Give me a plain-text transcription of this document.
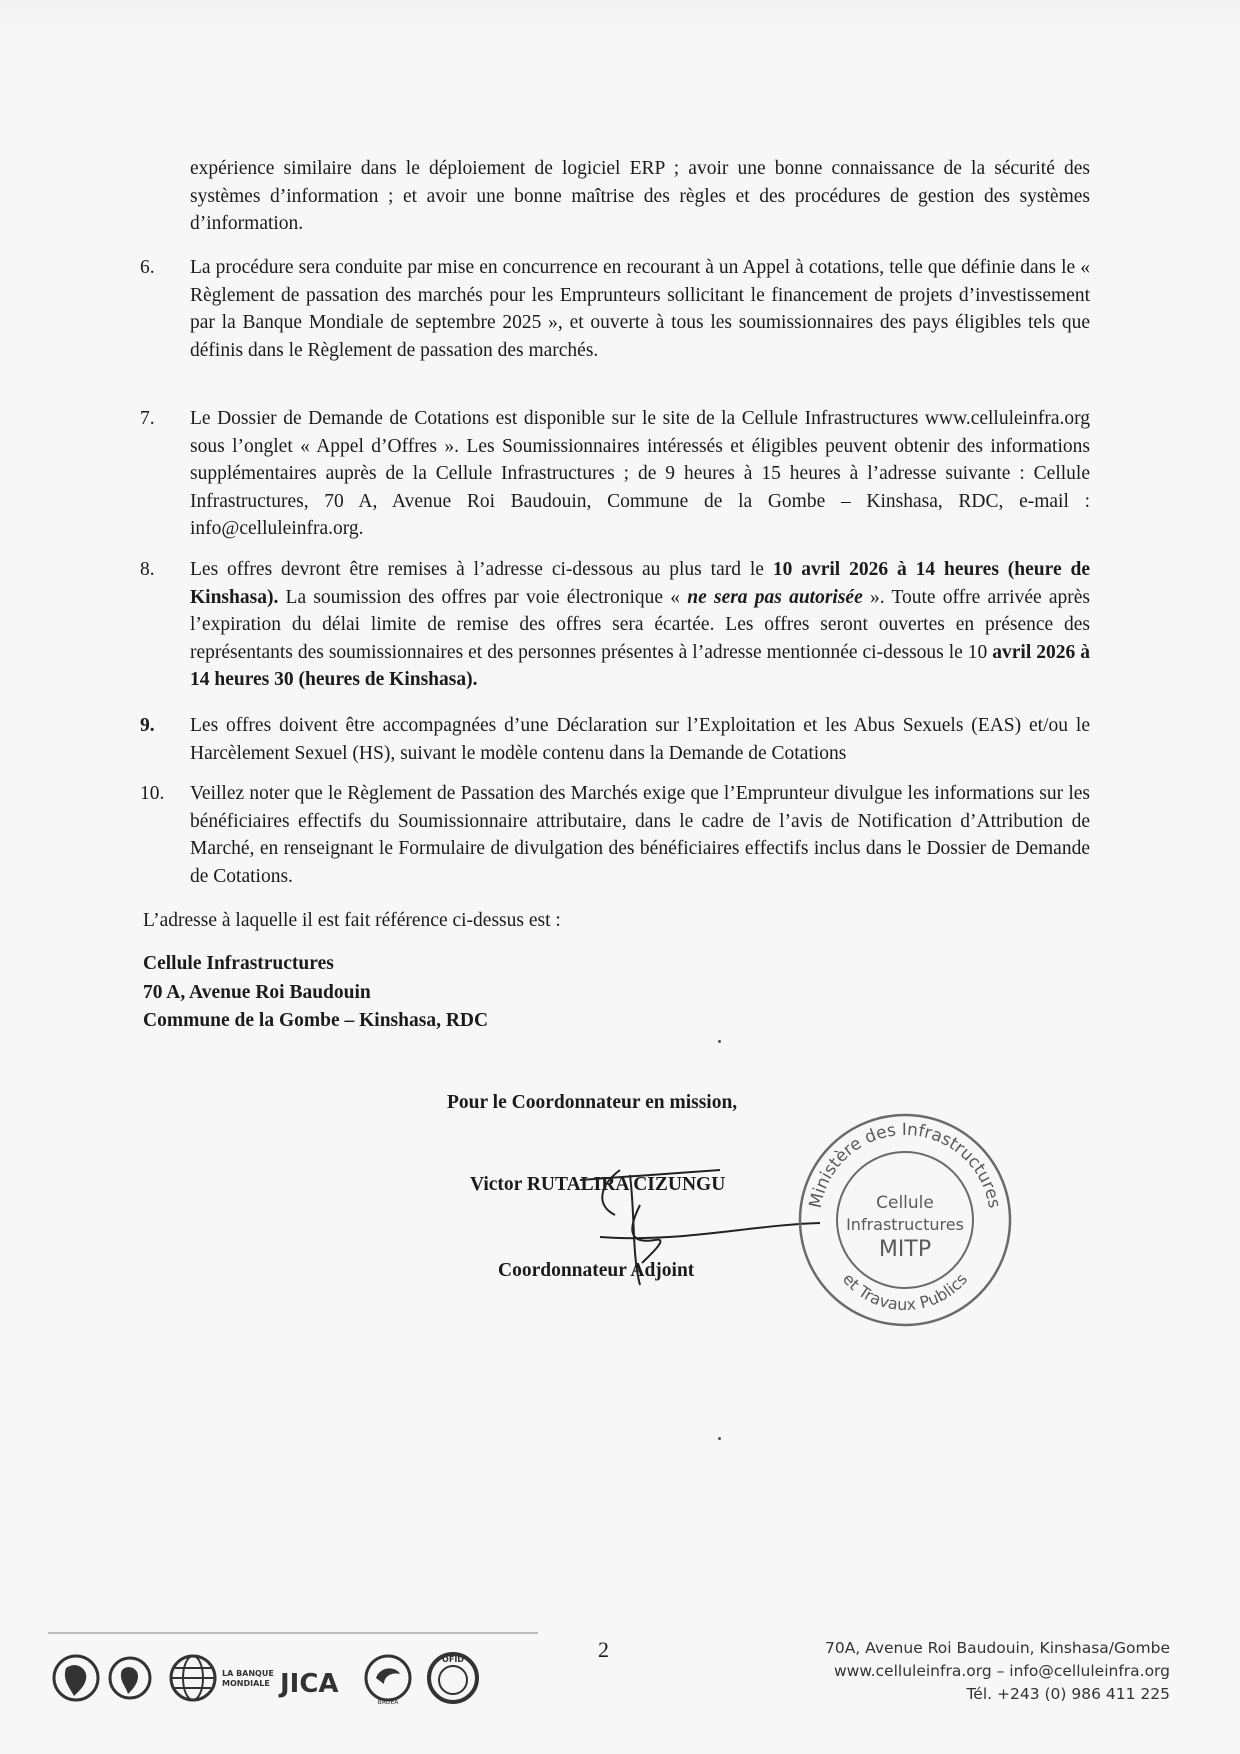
expérience similaire dans le déploiement de logiciel ERP ; avoir une bonne connaissance de la sécurité des systèmes d’information ; et avoir une bonne maîtrise des règles et des procédures de gestion des systèmes d’information.
6.	La procédure sera conduite par mise en concurrence en recourant à un Appel à cotations, telle que définie dans le « Règlement de passation des marchés pour les Emprunteurs sollicitant le financement de projets d’investissement par la Banque Mondiale de septembre 2025 », et ouverte à tous les soumissionnaires des pays éligibles tels que définis dans le Règlement de passation des marchés.
7.	Le Dossier de Demande de Cotations est disponible sur le site de la Cellule Infrastructures www.celluleinfra.org sous l’onglet « Appel d’Offres ». Les Soumissionnaires intéressés et éligibles peuvent obtenir des informations supplémentaires auprès de la Cellule Infrastructures ; de 9 heures à 15 heures à l’adresse suivante : Cellule Infrastructures, 70 A, Avenue Roi Baudouin, Commune de la Gombe – Kinshasa, RDC, e-mail : info@celluleinfra.org.
8.	Les offres devront être remises à l’adresse ci-dessous au plus tard le 10 avril 2026 à 14 heures (heure de Kinshasa). La soumission des offres par voie électronique « ne sera pas autorisée ». Toute offre arrivée après l’expiration du délai limite de remise des offres sera écartée. Les offres seront ouvertes en présence des représentants des soumissionnaires et des personnes présentes à l’adresse mentionnée ci-dessous le 10 avril 2026 à 14 heures 30 (heures de Kinshasa).
9.	Les offres doivent être accompagnées d’une Déclaration sur l’Exploitation et les Abus Sexuels (EAS) et/ou le Harcèlement Sexuel (HS), suivant le modèle contenu dans la Demande de Cotations
10.	Veillez noter que le Règlement de Passation des Marchés exige que l’Emprunteur divulgue les informations sur les bénéficiaires effectifs du Soumissionnaire attributaire, dans le cadre de l’avis de Notification d’Attribution de Marché, en renseignant le Formulaire de divulgation des bénéficiaires effectifs inclus dans le Dossier de Demande de Cotations.
L’adresse à laquelle il est fait référence ci-dessus est :
Cellule Infrastructures
70 A, Avenue Roi Baudouin
Commune de la Gombe – Kinshasa, RDC
Pour le Coordonnateur en mission,
Victor RUTALIRA CIZUNGU
Coordonnateur Adjoint
Ministère des Infrastructures
et Travaux Publics
Cellule
Infrastructures
MITP
LA BANQUE
MONDIALE JICA
BADEA
OFID	2	70A, Avenue Roi Baudouin, Kinshasa/Gombe
www.celluleinfra.org – info@celluleinfra.org
Tél. +243 (0) 986 411 225
